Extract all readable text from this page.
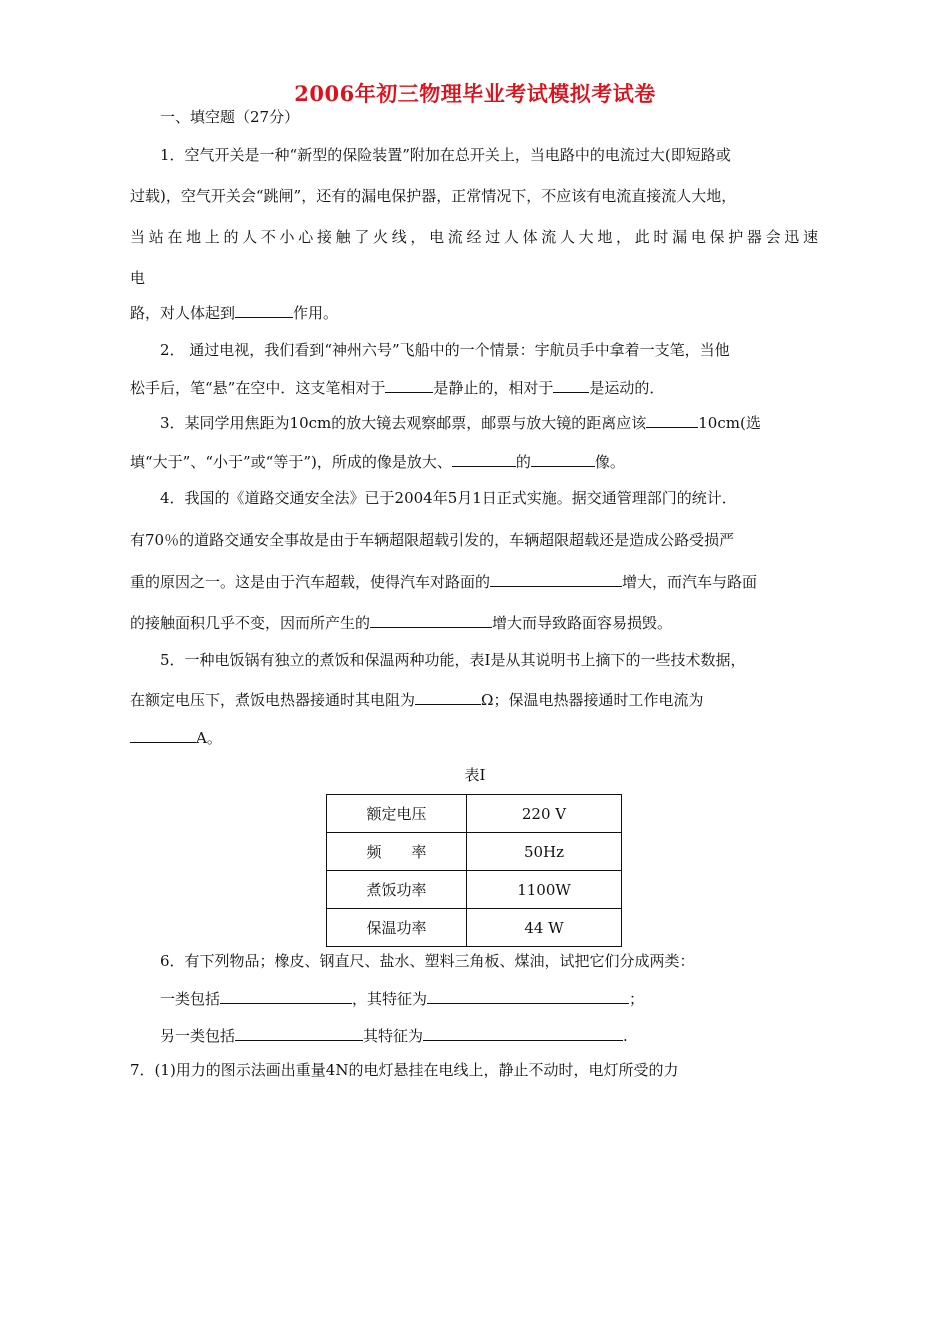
2006年初三物理毕业考试模拟考试卷
一、填空题（27分）
1．空气开关是一种“新型的保险装置”附加在总开关上，当电路中的电流过大(即短路或
过载)，空气开关会“跳闸”，还有的漏电保护器，正常情况下，不应该有电流直接流人大地，
当站在地上的人不小心接触了火线，电流经过人体流人大地，此时漏电保护器会迅速
电
路，对人体起到	作用。
2． 通过电视，我们看到“神州六号”飞船中的一个情景：宇航员手中拿着一支笔，当他
松手后，笔“悬”在空中．这支笔相对于	是静止的，相对于 是运动的．
3．某同学用焦距为10cm的放大镜去观察邮票，邮票与放大镜的距离应该	10cm(选
填“大于”、“小于”或“等于”)，所成的像是放大、	的	像。
4．我国的《道路交通安全法》已于2004年5月1日正式实施。据交通管理部门的统计．
有70％的道路交通安全事故是由于车辆超限超载引发的，车辆超限超载还是造成公路受损严
重的原因之一。这是由于汽车超载，使得汽车对路面的	增大，而汽车与路面
的接触面积几乎不变，因而所产生的	增大而导致路面容易损毁。
5．一种电饭锅有独立的煮饭和保温两种功能，表Ⅰ是从其说明书上摘下的一些技术数据，
在额定电压下，煮饭电热器接通时其电阻为	Ω；保温电热器接通时工作电流为
A。
表Ⅰ
额定电压	220 V
频　　率	50Hz
煮饭功率	1100W
保温功率	44 W
6．有下列物品；橡皮、钢直尺、盐水、塑料三角板、煤油，试把它们分成两类：
一类包括	，其特征为	；
另一类包括	其特征为	.
7．(1)用力的图示法画出重量4N的电灯悬挂在电线上，静止不动时，电灯所受的力
